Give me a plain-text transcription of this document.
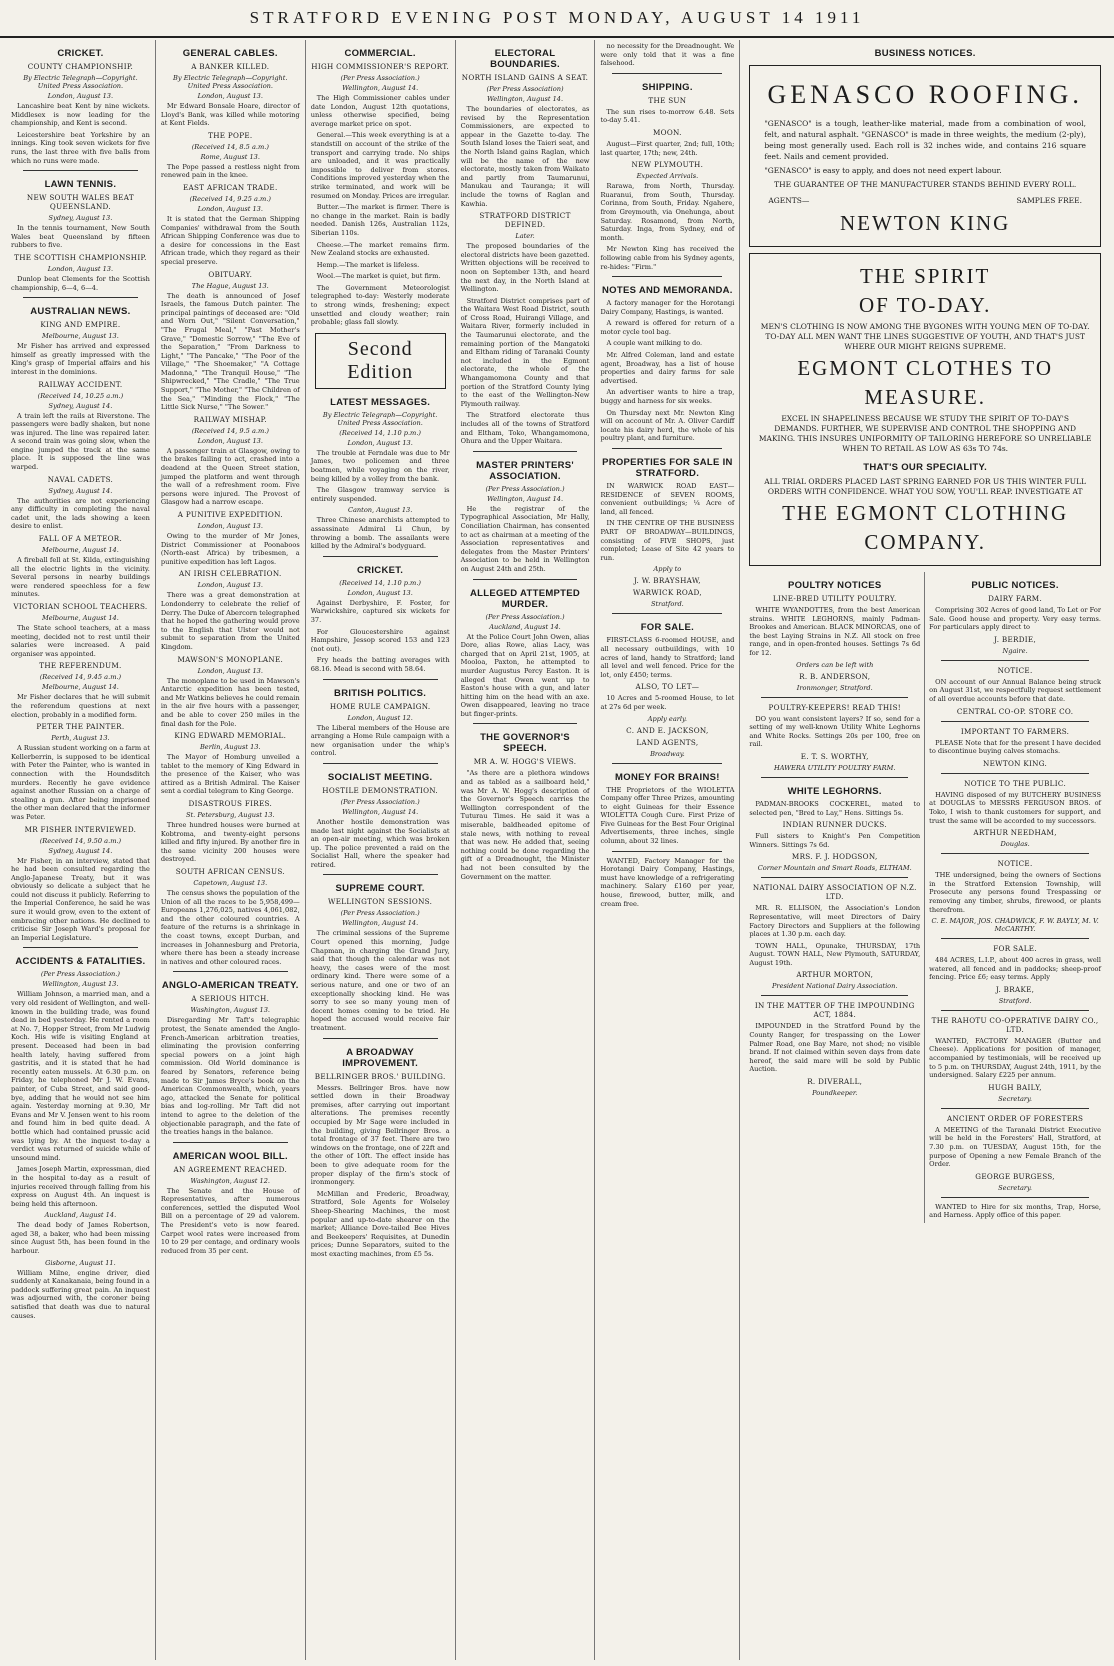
STRATFORD EVENING POST MONDAY, AUGUST 14 1911
CRICKET.
COUNTY CHAMPIONSHIP.
By Electric Telegraph—Copyright. United Press Association.
London, August 13.

Lancashire beat Kent by nine wickets. Middlesex is now leading for the championship, and Kent is second.

Leicestershire beat Yorkshire by an innings. King took seven wickets for five runs, the last three with five balls from which no runs were made.

LAWN TENNIS.
NEW SOUTH WALES BEAT QUEENSLAND.
Sydney, August 13.

In the tennis tournament, New South Wales beat Queensland by fifteen rubbers to five.

THE SCOTTISH CHAMPIONSHIP.
London, August 13.

Dunlop beat Clements for the Scottish championship, 6—4, 6—4.

AUSTRALIAN NEWS.
KING AND EMPIRE.
Melbourne, August 13.

Mr Fisher has arrived and expressed himself as greatly impressed with the King's grasp of Imperial affairs and his interest in the dominions.

RAILWAY ACCIDENT.
(Received 14, 10.25 a.m.)
Sydney, August 14.

A train left the rails at Riverstone. The passengers were badly shaken, but none was injured. The line was repaired later. A second train was going slow, when the engine jumped the track at the same place. It is supposed the line was warped.

NAVAL CADETS.
Sydney, August 14.

The authorities are not experiencing any difficulty in completing the naval cadet unit, the lads showing a keen desire to enlist.

FALL OF A METEOR.
Melbourne, August 14.

A fireball fell at St. Kilda, extinguishing all the electric lights in the vicinity. Several persons in nearby buildings were rendered speechless for a few minutes.

VICTORIAN SCHOOL TEACHERS.
Melbourne, August 14.

The State school teachers, at a mass meeting, decided not to rest until their salaries were increased. A paid organiser was appointed.

THE REFERENDUM.
(Received 14, 9.45 a.m.)
Melbourne, August 14.

Mr Fisher declares that he will submit the referendum questions at next election, probably in a modified form.

PETER THE PAINTER.
Perth, August 13.

A Russian student working on a farm at Kellerberrin, is supposed to be identical with Peter the Painter, who is wanted in connection with the Houndsditch murders. Recently he gave evidence against another Russian on a charge of stealing a gun. After being imprisoned the other man declared that the informer was Peter.

MR FISHER INTERVIEWED.
(Received 14, 9.50 a.m.)
Sydney, August 14.

Mr Fisher, in an interview, stated that he had been consulted regarding the Anglo-Japanese Treaty, but it was obviously so delicate a subject that he could not discuss it publicly. Referring to the Imperial Conference, he said he was sure it would grow, even to the extent of embracing other nations. He declined to criticise Sir Joseph Ward's proposal for an Imperial Legislature.

ACCIDENTS & FATALITIES.
(Per Press Association.)
Wellington, August 13.

William Johnson, a married man, and a very old resident of Wellington, and well-known in the building trade, was found dead in bed yesterday. He rented a room at No. 7, Hopper Street, from Mr Ludwig Koch. His wife is visiting England at present. Deceased had been in bad health lately, having suffered from gastritis, and it is stated that he had recently eaten mussels. At 6.30 p.m. on Friday, he telephoned Mr J. W. Evans, painter, of Cuba Street, and said good-bye, adding that he would not see him again. Yesterday morning at 9.30, Mr Evans and Mr V. Jensen went to his room and found him in bed quite dead. A bottle which had contained prussic acid was lying by. At the inquest to-day a verdict was returned of suicide while of unsound mind.

James Joseph Martin, expressman, died in the hospital to-day as a result of injuries received through falling from his express on August 4th. An inquest is being held this afternoon.

Auckland, August 14.

The dead body of James Robertson, aged 38, a baker, who had been missing since August 5th, has been found in the harbour.

Gisborne, August 11.

William Milne, engine driver, died suddenly at Kanakanaia, being found in a paddock suffering great pain. An inquest was adjourned with, the coroner being satisfied that death was due to natural causes.

GENERAL CABLES.
A BANKER KILLED.
By Electric Telegraph—Copyright. United Press Association.
London, August 13.

Mr Edward Bonsale Hoare, director of Lloyd's Bank, was killed while motoring at Kent Fields.

THE POPE.
(Received 14, 8.5 a.m.)
Rome, August 13.

The Pope passed a restless night from renewed pain in the knee.

EAST AFRICAN TRADE.
(Received 14, 9.25 a.m.)
London, August 13.

It is stated that the German Shipping Companies' withdrawal from the South African Shipping Conference was due to a desire for concessions in the East African trade, which they regard as their special preserve.

OBITUARY.
The Hague, August 13.

The death is announced of Josef Israels, the famous Dutch painter. The principal paintings of deceased are: "Old and Worn Out," "Silent Conversation," "The Frugal Meal," "Past Mother's Grave," "Domestic Sorrow," "The Eve of the Separation," "From Darkness to Light," "The Pancake," "The Poor of the Village," "The Shoemaker," "A Cottage Madonna," "The Tranquil House," "The Shipwrecked," "The Cradle," "The True Support," "The Mother," "The Children of the Sea," "Minding the Flock," "The Little Sick Nurse," "The Sower."

RAILWAY MISHAP.
(Received 14, 9.5 a.m.)
London, August 13.

A passenger train at Glasgow, owing to the brakes failing to act, crashed into a deadend at the Queen Street station, jumped the platform and went through the wall of a refreshment room. Five persons were injured. The Provost of Glasgow had a narrow escape.

A PUNITIVE EXPEDITION.
London, August 13.

Owing to the murder of Mr Jones, District Commissioner at Poonaboos (North-east Africa) by tribesmen, a punitive expedition has left Lagos.

AN IRISH CELEBRATION.
London, August 13.

There was a great demonstration at Londonderry to celebrate the relief of Derry. The Duke of Abercorn telegraphed that he hoped the gathering would prove to the English that Ulster would not submit to separation from the United Kingdom.

MAWSON'S MONOPLANE.
London, August 13.

The monoplane to be used in Mawson's Antarctic expedition has been tested, and Mr Watkins believes he could remain in the air five hours with a passenger, and be able to cover 250 miles in the final dash for the Pole.

KING EDWARD MEMORIAL.
Berlin, August 13.

The Mayor of Homburg unveiled a tablet to the memory of King Edward in the presence of the Kaiser, who was attired as a British Admiral. The Kaiser sent a cordial telegram to King George.

DISASTROUS FIRES.
St. Petersburg, August 13.

Three hundred houses were burned at Kobtroma, and twenty-eight persons killed and fifty injured. By another fire in the same vicinity 200 houses were destroyed.

SOUTH AFRICAN CENSUS.
Capetown, August 13.

The census shows the population of the Union of all the races to be 5,958,499—Europeans 1,276,025, natives 4,061,082, and the other coloured countries. A feature of the returns is a shrinkage in the coast towns, except Durban, and increases in Johannesburg and Pretoria, where there has been a steady increase in natives and other coloured races.

ANGLO-AMERICAN TREATY.
A SERIOUS HITCH.
Washington, August 13.

Disregarding Mr Taft's telegraphic protest, the Senate amended the Anglo-French-American arbitration treaties, eliminating the provision conferring special powers on a joint high commission. Old World dominance is feared by Senators, reference being made to Sir James Bryce's book on the American Commonwealth, which, years ago, attacked the Senate for political bias and log-rolling. Mr Taft did not intend to agree to the deletion of the objectionable paragraph, and the fate of the treaties hangs in the balance.

AMERICAN WOOL BILL.
AN AGREEMENT REACHED.
Washington, August 12.

The Senate and the House of Representatives, after numerous conferences, settled the disputed Wool Bill on a percentage of 29 ad valorem. The President's veto is now feared. Carpet wool rates were increased from 10 to 29 per centage, and ordinary wools reduced from 35 per cent.

COMMERCIAL.
HIGH COMMISSIONER'S REPORT.
(Per Press Association.)
Wellington, August 14.

The High Commissioner cables under date London, August 12th quotations, unless otherwise specified, being average market price on spot.

General.—This week everything is at a standstill on account of the strike of the transport and carrying trade. No ships are unloaded, and it was practically impossible to deliver from stores. Conditions improved yesterday when the strike terminated, and work will be resumed on Monday. Prices are irregular.

Butter.—The market is firmer. There is no change in the market. Rain is badly needed. Danish 126s, Australian 112s, Siberian 110s.

Cheese.—The market remains firm. New Zealand stocks are exhausted.

Hemp.—The market is lifeless.

Wool.—The market is quiet, but firm.

The Government Meteorologist telegraphed to-day: Westerly moderate to strong winds, freshening; expect unsettled and cloudy weather; rain probable; glass fall slowly.

Second Edition
LATEST MESSAGES.
By Electric Telegraph—Copyright. United Press Association.
(Received 14, 1.10 p.m.)
London, August 13.

The trouble at Ferndale was due to Mr James, two policemen and three boatmen, while voyaging on the river, being killed by a volley from the bank.

The Glasgow tramway service is entirely suspended.

Canton, August 13.

Three Chinese anarchists attempted to assassinate Admiral Li Chun, by throwing a bomb. The assailants were killed by the Admiral's bodyguard.

CRICKET.
(Received 14, 1.10 p.m.)
London, August 13.

Against Derbyshire, F. Foster, for Warwickshire, captured six wickets for 37.

For Gloucestershire against Hampshire, Jessop scored 153 and 123 (not out).

Fry heads the batting averages with 68.16. Mead is second with 58.64.

BRITISH POLITICS.
HOME RULE CAMPAIGN.
London, August 12.

The Liberal members of the House are arranging a Home Rule campaign with a new organisation under the whip's control.

SOCIALIST MEETING.
HOSTILE DEMONSTRATION.
(Per Press Association.)
Wellington, August 14.

Another hostile demonstration was made last night against the Socialists at an open-air meeting, which was broken up. The police prevented a raid on the Socialist Hall, where the speaker had retired.

SUPREME COURT.
WELLINGTON SESSIONS.
(Per Press Association.)
Wellington, August 14.

The criminal sessions of the Supreme Court opened this morning, Judge Chapman, in charging the Grand Jury, said that though the calendar was not heavy, the cases were of the most ordinary kind. There were some of a serious nature, and one or two of an exceptionally shocking kind. He was sorry to see so many young men of decent homes coming to be tried. He hoped the accused would receive fair treatment.

A BROADWAY IMPROVEMENT.
BELLRINGER BROS.' BUILDING.

Messrs. Bellringer Bros. have now settled down in their Broadway premises, after carrying out important alterations. The premises recently occupied by Mr Sage were included in the building, giving Bellringer Bros. a total frontage of 37 feet. There are two windows on the frontage, one of 22ft and the other of 10ft. The effect inside has been to give adequate room for the proper display of the firm's stock of ironmongery.

McMillan and Frederic, Broadway, Stratford, Sole Agents for Wolseley Sheep-Shearing Machines, the most popular and up-to-date shearer on the market; Alliance Dove-tailed Bee Hives and Beekeepers' Requisites, at Dunedin prices; Dunne Separators, suited to the most exacting machines, from £5 5s.

ELECTORAL BOUNDARIES.
NORTH ISLAND GAINS A SEAT.
(Per Press Association)
Wellington, August 14.

The boundaries of electorates, as revised by the Representation Commissioners, are expected to appear in the Gazette to-day. The South Island loses the Taieri seat, and the North Island gains Raglan, which will be the name of the new electorate, mostly taken from Waikato and partly from Taumarunui, Manukau and Tauranga; it will include the towns of Raglan and Kawhia.

STRATFORD DISTRICT DEFINED.
Later.

The proposed boundaries of the electoral districts have been gazetted. Written objections will be received to noon on September 13th, and heard the next day, in the North Island at Wellington.

Stratford District comprises part of the Waitara West Road District, south of Cross Road, Huirangi Village, and Waitara River, formerly included in the Taumarunui electorate, and the remaining portion of the Mangatoki and Eltham riding of Taranaki County not included in the Egmont electorate, the whole of the Whangamomona County and that portion of the Stratford County lying to the east of the Wellington-New Plymouth railway.

The Stratford electorate thus includes all of the towns of Stratford and Eltham, Toko, Whangamomona, Ohura and the Upper Waitara.

MASTER PRINTERS' ASSOCIATION.
(Per Press Association.)
Wellington, August 14.

He the registrar of the Typographical Association, Mr Hally, Conciliation Chairman, has consented to act as chairman at a meeting of the Association representatives and delegates from the Master Printers' Association to be held in Wellington on August 24th and 25th.

ALLEGED ATTEMPTED MURDER.
(Per Press Association.)
Auckland, August 14.

At the Police Court John Owen, alias Dore, alias Rowe, alias Lacy, was charged that on April 21st, 1905, at Mooloa, Paxton, he attempted to murder Augustus Percy Easton. It is alleged that Owen went up to Easton's house with a gun, and later hitting him on the head with an axe. Owen disappeared, leaving no trace but finger-prints.

THE GOVERNOR'S SPEECH.
MR A. W. HOGG'S VIEWS.

"As there are a plethora windows and as tabled as a sailboard held," was Mr A. W. Hogg's description of the Governor's Speech carries the Wellington correspondent of the Tuturau Times. He said it was a miserable, baldheaded epitome of stale news, with nothing to reveal that was new. He added that, seeing nothing could be done regarding the gift of a Dreadnought, the Minister had not been consulted by the Government on the matter.

no necessity for the Dreadnought. We were only told that it was a fine falsehood.

SHIPPING.
THE SUN

The sun rises to-morrow 6.48. Sets to-day 5.41.

MOON.

August—First quarter, 2nd; full, 10th; last quarter, 17th; new, 24th.

NEW PLYMOUTH.
Expected Arrivals.

Rarawa, from North, Thursday. Ruaranui, from South, Thursday. Corinna, from South, Friday. Ngahere, from Greymouth, via Onehunga, about Saturday. Rosamond, from North, Saturday. Inga, from Sydney, end of month.

Mr Newton King has received the following cable from his Sydney agents, re-hides: "Firm."

NOTES AND MEMORANDA.

A factory manager for the Horotangi Dairy Company, Hastings, is wanted.

A reward is offered for return of a motor cycle tool bag.

A couple want milking to do.

Mr. Alfred Coleman, land and estate agent, Broadway, has a list of house properties and dairy farms for sale advertised.

An advertiser wants to hire a trap, buggy and harness for six weeks.

On Thursday next Mr. Newton King will on account of Mr. A. Oliver Cardiff locate his dairy herd, the whole of his poultry plant, and furniture.

PROPERTIES FOR SALE IN STRATFORD.

IN WARWICK ROAD EAST—RESIDENCE of SEVEN ROOMS, convenient outbuildings; ¼ Acre of land, all fenced.

IN THE CENTRE OF THE BUSINESS PART OF BROADWAY—BUILDINGS, consisting of FIVE SHOPS, just completed; Lease of Site 42 years to run.

Apply to
J. W. BRAYSHAW,
WARWICK ROAD,
Stratford.
FOR SALE.

FIRST-CLASS 6-roomed HOUSE, and all necessary outbuildings, with 10 acres of land, handy to Stratford; land all level and well fenced. Price for the lot, only £450; terms.

ALSO, TO LET—

10 Acres and 5-roomed House, to let at 27s 6d per week.

Apply early.
C. AND E. JACKSON,
LAND AGENTS,
Broadway.
MONEY FOR BRAINS!

THE Proprietors of the WIOLETTA Company offer Three Prizes, amounting to eight Guineas for their Essence WIOLETTA Cough Cure. First Prize of Five Guineas for the Best Four Original Advertisements, three inches, single column, about 32 lines.

WANTED, Factory Manager for the Horotangi Dairy Company, Hastings, must have knowledge of a refrigerating machinery. Salary £160 per year, house, firewood, butter, milk, and cream free.

BUSINESS NOTICES.
GENASCO ROOFING.
"GENASCO" is a tough, leather-like material, made from a combination of wool, felt, and natural asphalt. "GENASCO" is made in three weights, the medium (2-ply), being most generally used. Each roll is 32 inches wide, and contains 216 square feet. Nails and cement provided.
"GENASCO" is easy to apply, and does not need expert labour.
THE GUARANTEE OF THE MANUFACTURER STANDS BEHIND EVERY ROLL.
AGENTS—	SAMPLES FREE.
NEWTON KING
THE SPIRIT
OF TO-DAY.
MEN'S CLOTHING IS NOW AMONG THE BYGONES WITH YOUNG MEN OF TO-DAY. TO-DAY ALL MEN WANT THE LINES SUGGESTIVE OF YOUTH, AND THAT'S JUST WHERE OUR MIGHT REIGNS SUPREME.
EGMONT CLOTHES TO
MEASURE.
EXCEL IN SHAPELINESS BECAUSE WE STUDY THE SPIRIT OF TO-DAY'S DEMANDS. FURTHER, WE SUPERVISE AND CONTROL THE SHOPPING AND MAKING. THIS INSURES UNIFORMITY OF TAILORING HEREFORE SO UNRELIABLE WHEN TO RETAIL AS LOW AS 63s TO 74s.
THAT'S OUR SPECIALITY.
ALL TRIAL ORDERS PLACED LAST SPRING EARNED FOR US THIS WINTER FULL ORDERS WITH CONFIDENCE. WHAT YOU SOW, YOU'LL REAP. INVESTIGATE AT
THE EGMONT CLOTHING
COMPANY.
POULTRY NOTICES
LINE-BRED UTILITY POULTRY.

WHITE WYANDOTTES, from the best American strains. WHITE LEGHORNS, mainly Padman-Brookes and American. BLACK MINORCAS, one of the best Laying Strains in N.Z. All stock on free range, and in open-fronted houses. Settings 7s 6d for 12.

Orders can be left with
R. B. ANDERSON,
Ironmonger, Stratford.
POULTRY-KEEPERS! READ THIS!

DO you want consistent layers? If so, send for a setting of my well-known Utility White Leghorns and White Rocks. Settings 20s per 100, free on rail.

E. T. S. WORTHY,
HAWERA UTILITY POULTRY FARM.
WHITE LEGHORNS.

PADMAN-BROOKS COCKEREL, mated to selected pen, "Bred to Lay," Hens. Sittings 5s.

INDIAN RUNNER DUCKS.

Full sisters to Knight's Pen Competition Winners. Sittings 7s 6d.

MRS. F. J. HODGSON,
Corner Mountain and Smart Roads, ELTHAM.
NATIONAL DAIRY ASSOCIATION OF N.Z. LTD.

MR. R. ELLISON, the Association's London Representative, will meet Directors of Dairy Factory Directors and Suppliers at the following places at 1.30 p.m. each day.

TOWN HALL, Opunake, THURSDAY, 17th August. TOWN HALL, New Plymouth, SATURDAY, August 19th.

ARTHUR MORTON,
President National Dairy Association.
IN THE MATTER OF THE IMPOUNDING ACT, 1884.

IMPOUNDED in the Stratford Pound by the County Ranger, for trespassing on the Lower Palmer Road, one Bay Mare, not shod; no visible brand. If not claimed within seven days from date hereof, the said mare will be sold by Public Auction.

R. DIVERALL,
Poundkeeper.
PUBLIC NOTICES.
DAIRY FARM.

Comprising 302 Acres of good land, To Let or For Sale. Good house and property. Very easy terms. For particulars apply direct to

J. BERDIE,
Ngaire.
NOTICE.

ON account of our Annual Balance being struck on August 31st, we respectfully request settlement of all overdue accounts before that date.

CENTRAL CO-OP. STORE CO.
IMPORTANT TO FARMERS.

PLEASE Note that for the present I have decided to discontinue buying calves stomachs.

NEWTON KING.
NOTICE TO THE PUBLIC.

HAVING disposed of my BUTCHERY BUSINESS at DOUGLAS to MESSRS FERGUSON BROS. of Toko, I wish to thank customers for support, and trust the same will be accorded to my successors.

ARTHUR NEEDHAM,
Douglas.
NOTICE.

THE undersigned, being the owners of Sections in the Stratford Extension Township, will Prosecute any persons found Trespassing or removing any timber, shrubs, firewood, or plants therefrom.

C. E. MAJOR, JOS. CHADWICK, F. W. BAYLY, M. V. McCARTHY.
FOR SALE.

484 ACRES, L.I.P., about 400 acres in grass, well watered, all fenced and in paddocks; sheep-proof fencing. Price £6; easy terms. Apply

J. BRAKE,
Stratford.
THE RAHOTU CO-OPERATIVE DAIRY CO., LTD.

WANTED, FACTORY MANAGER (Butter and Cheese). Applications for position of manager, accompanied by testimonials, will be received up to 5 p.m. on THURSDAY, August 24th, 1911, by the undersigned. Salary £225 per annum.

HUGH BAILY,
Secretary.
ANCIENT ORDER OF FORESTERS

A MEETING of the Taranaki District Executive will be held in the Foresters' Hall, Stratford, at 7.30 p.m. on TUESDAY, August 15th, for the purpose of Opening a new Female Branch of the Order.

GEORGE BURGESS,
Secretary.

WANTED to Hire for six months, Trap, Horse, and Harness. Apply office of this paper.
